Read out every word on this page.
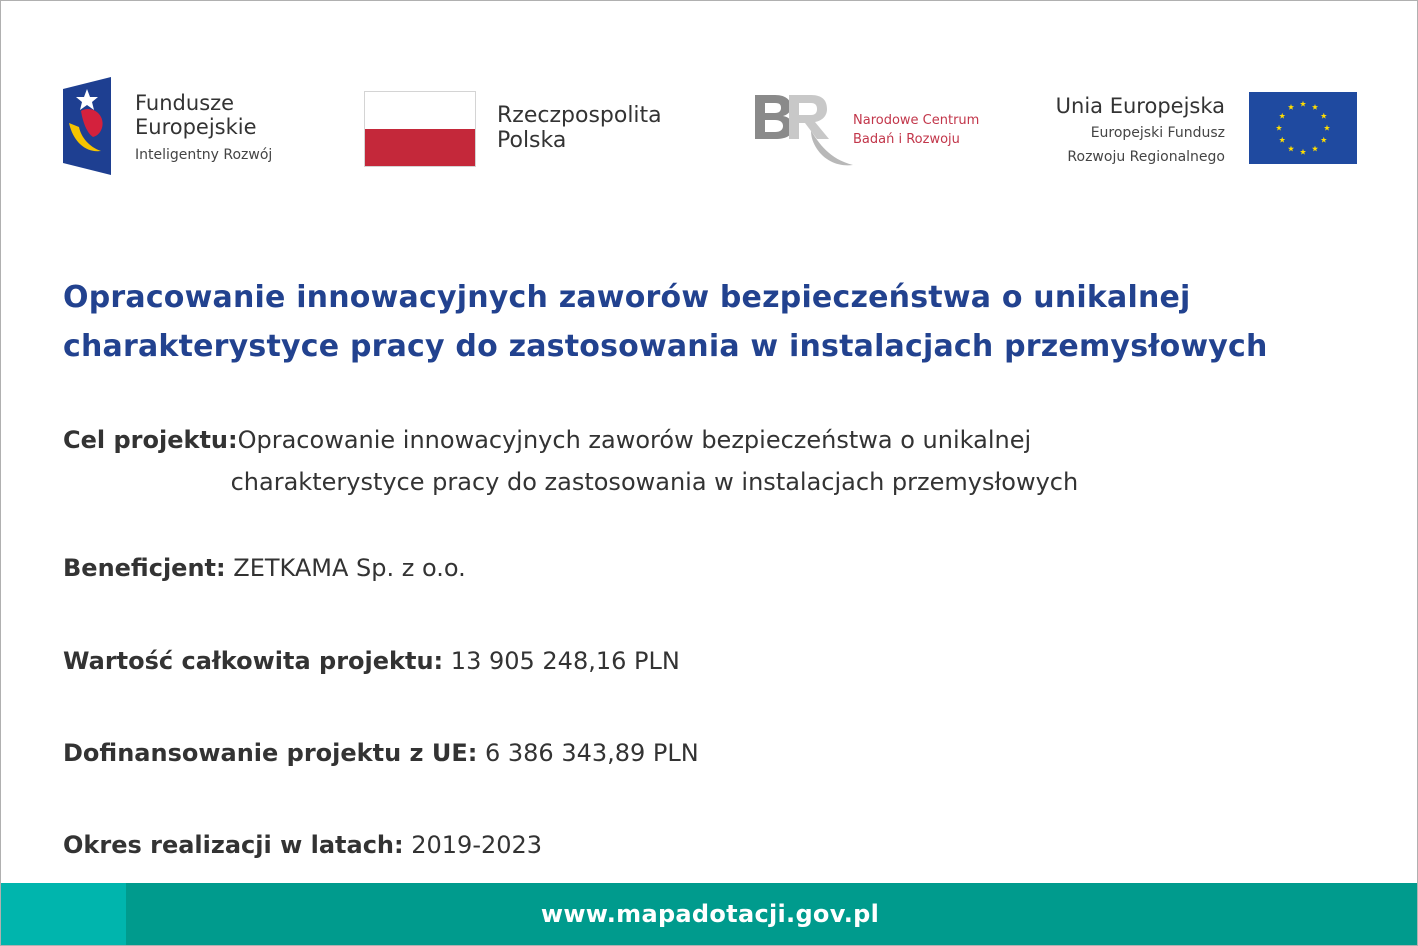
Fundusze
Europejskie
Inteligentny Rozwój
Rzeczpospolita
Polska
Narodowe Centrum
Badań i Rozwoju
Unia Europejska
Europejski Fundusz
Rozwoju Regionalnego
Opracowanie innowacyjnych zaworów bezpieczeństwa o unikalnej
charakterystyce pracy do zastosowania w instalacjach przemysłowych
Cel projektu: Opracowanie innowacyjnych zaworów bezpieczeństwa o unikalnej
charakterystyce pracy do zastosowania w instalacjach przemysłowych
Beneficjent: ZETKAMA Sp. z o.o.
Wartość całkowita projektu: 13 905 248,16 PLN
Dofinansowanie projektu z UE: 6 386 343,89 PLN
Okres realizacji w latach: 2019-2023
www.mapadotacji.gov.pl
